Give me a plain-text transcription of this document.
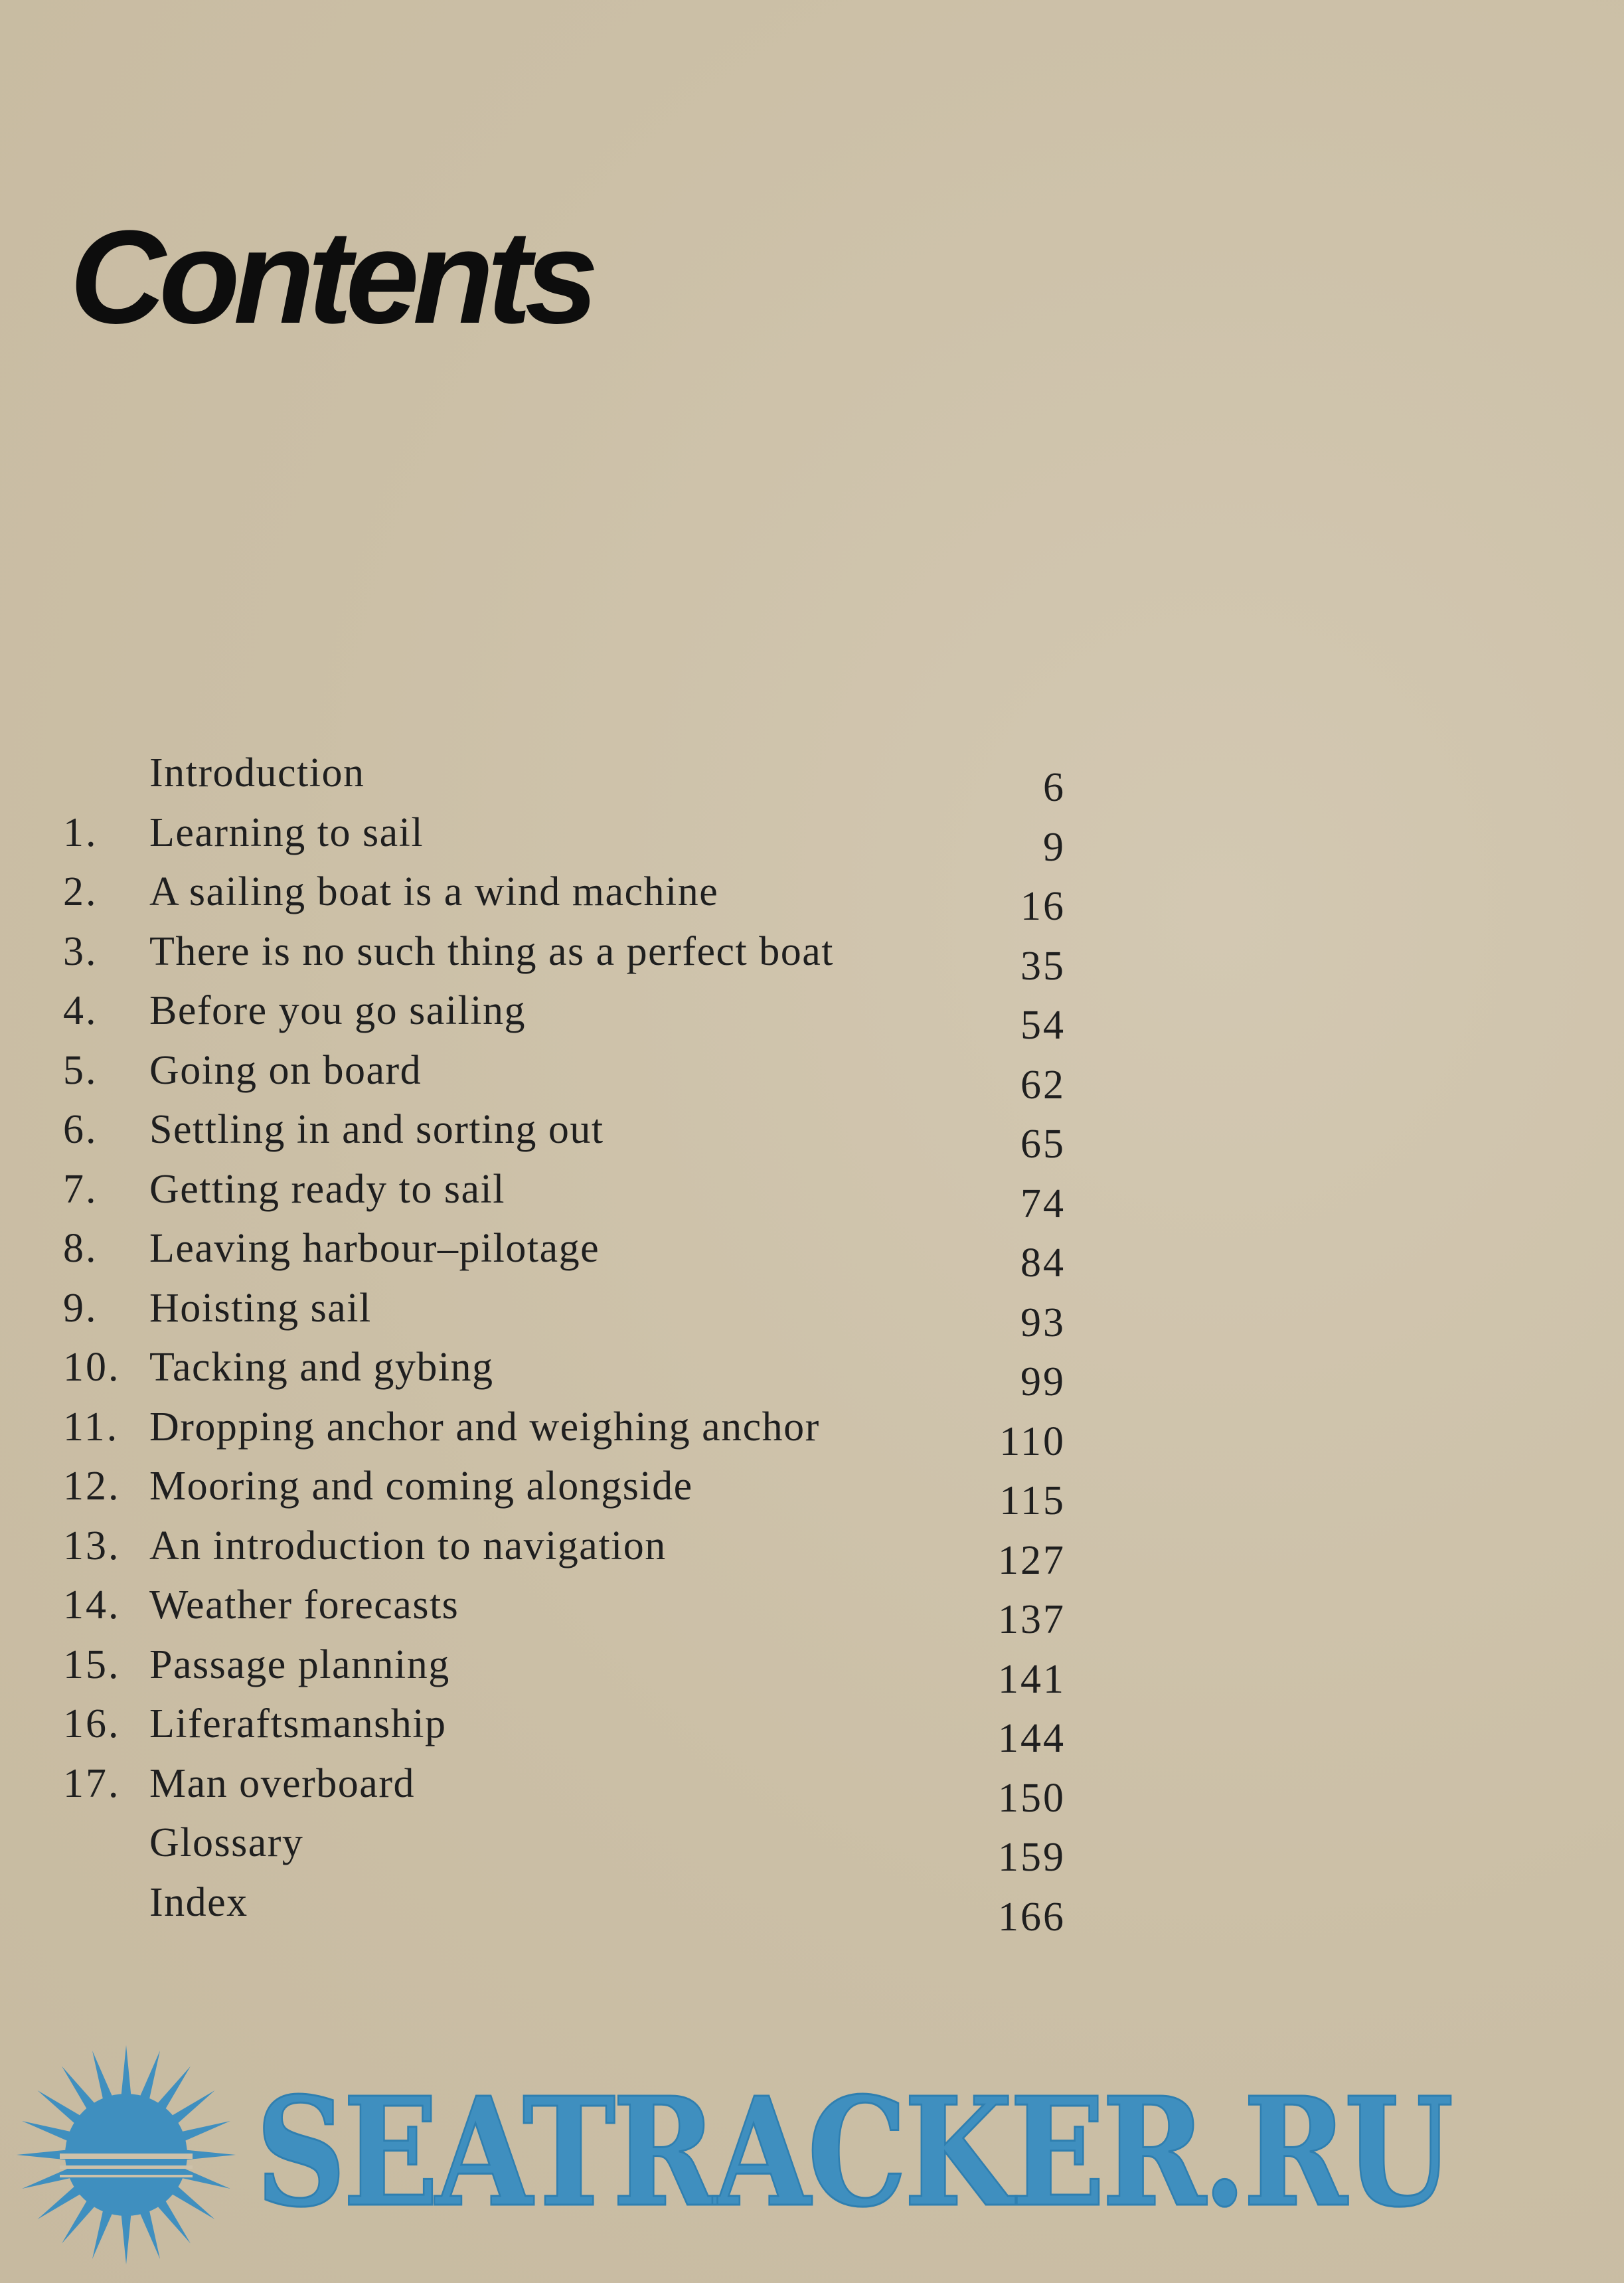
Contents
Introduction	6
1.	Learning to sail	9
2.	A sailing boat is a wind machine	16
3.	There is no such thing as a perfect boat	35
4.	Before you go sailing	54
5.	Going on board	62
6.	Settling in and sorting out	65
7.	Getting ready to sail	74
8.	Leaving harbour–pilotage	84
9.	Hoisting sail	93
10. Tacking and gybing	99
11. Dropping anchor and weighing anchor	110
12. Mooring and coming alongside	115
13. An introduction to navigation	127
14. Weather forecasts	137
15. Passage planning	141
16. Liferaftsmanship	144
17. Man overboard	150
Glossary	159
Index	166
SEATRACKER.RU
